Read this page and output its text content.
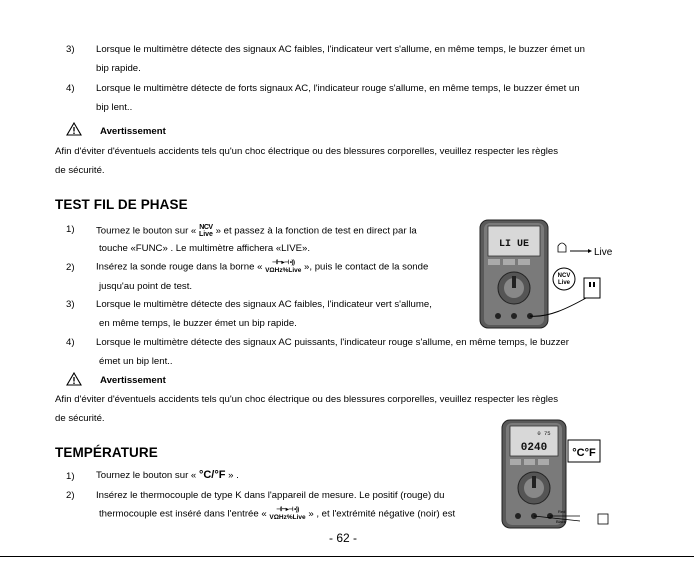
3)	Lorsque le multimètre détecte des signaux AC faibles, l'indicateur vert s'allume, en même temps, le buzzer émet un
bip rapide.
4)	Lorsque le multimètre détecte de forts signaux AC, l'indicateur rouge s'allume, en même temps, le buzzer émet un
bip lent..
Avertissement
Afin d'éviter d'éventuels accidents tels qu'un choc électrique ou des blessures corporelles, veuillez respecter les règles
de sécurité.
TEST FIL DE PHASE
1)	Tournez le bouton sur « NCV
Live » et passez à la fonction de test en direct par la
touche «FUNC» . Le multimètre affichera «LIVE».
2)	Insérez la sonde rouge dans la borne «	⊣⊢▸⊣ •))
VΩHz%Live », puis le contact de la sonde
jusqu'au point de test.
3)	Lorsque le multimètre détecte des signaux AC faibles, l'indicateur vert s'allume,
en même temps, le buzzer émet un bip rapide.
4)	Lorsque le multimètre détecte des signaux AC puissants, l'indicateur rouge s'allume, en même temps, le buzzer
émet un bip lent..
Avertissement
Afin d'éviter d'éventuels accidents tels qu'un choc électrique ou des blessures corporelles, veuillez respecter les règles
de sécurité.
LI UE
NCV
Live
Live
TEMPÉRATURE
1)	Tournez le bouton sur « °C/°F » .
2)	Insérez le thermocouple de type K dans l'appareil de mesure. Le positif (rouge) du
thermocouple est inséré dans l'entrée «	⊣⊢▸⊣ •))
VΩHz%Live » , et l'extrémité négative (noir) est
0 75
0240 °C°F
Red
Black
- 62 -
